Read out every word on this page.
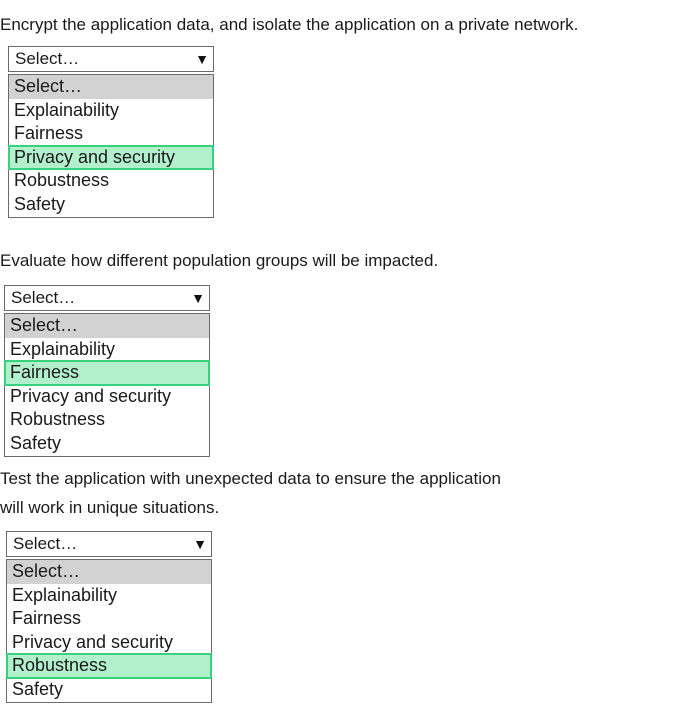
Encrypt the application data, and isolate the application on a private network.

Select…	▼
Select…
Explainability
Fairness
Privacy and security
Robustness
Safety

Evaluate how different population groups will be impacted.

Select…	▼
Select…
Explainability
Fairness
Privacy and security
Robustness
Safety

Test the application with unexpected data to ensure the application

will work in unique situations.

Select…	▼
Select…
Explainability
Fairness
Privacy and security
Robustness
Safety
